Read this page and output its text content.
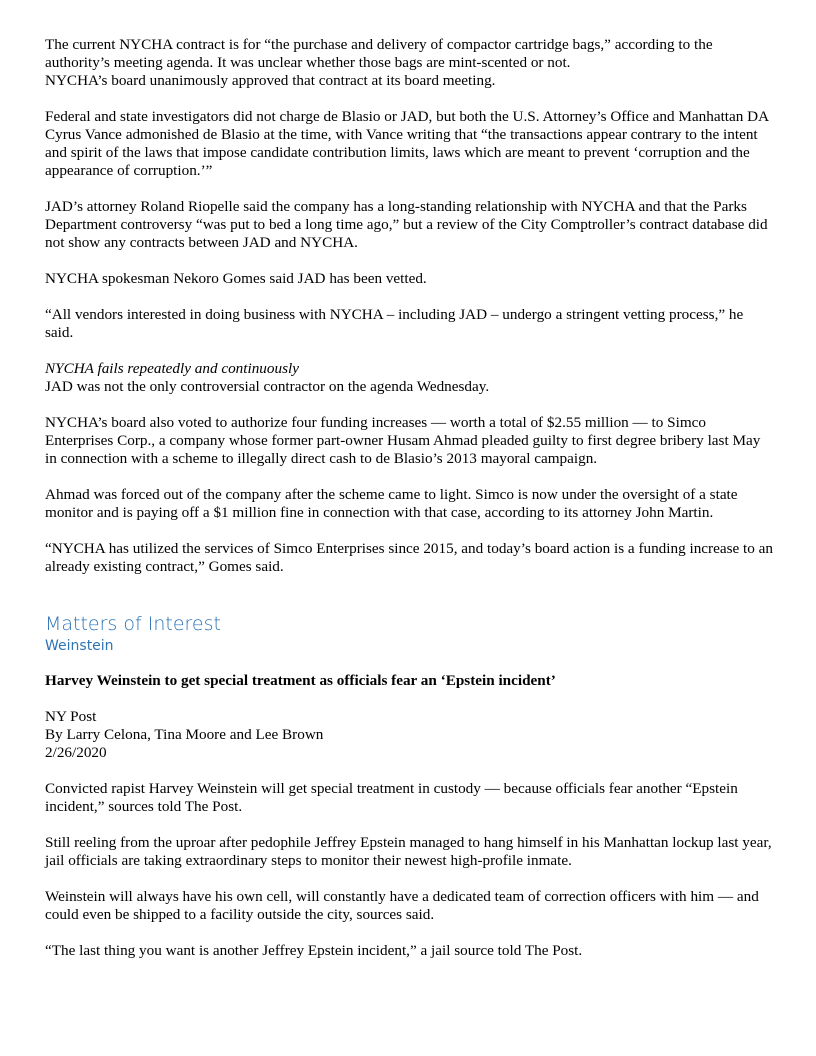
The current NYCHA contract is for “the purchase and delivery of compactor cartridge bags,” according to the authority’s meeting agenda. It was unclear whether those bags are mint-scented or not.
NYCHA’s board unanimously approved that contract at its board meeting.

Federal and state investigators did not charge de Blasio or JAD, but both the U.S. Attorney’s Office and Manhattan DA Cyrus Vance admonished de Blasio at the time, with Vance writing that “the transactions appear contrary to the intent and spirit of the laws that impose candidate contribution limits, laws which are meant to prevent ‘corruption and the appearance of corruption.’”

JAD’s attorney Roland Riopelle said the company has a long-standing relationship with NYCHA and that the Parks Department controversy “was put to bed a long time ago,” but a review of the City Comptroller’s contract database did not show any contracts between JAD and NYCHA.

NYCHA spokesman Nekoro Gomes said JAD has been vetted.

“All vendors interested in doing business with NYCHA – including JAD – undergo a stringent vetting process,” he said.

NYCHA fails repeatedly and continuously
JAD was not the only controversial contractor on the agenda Wednesday.

NYCHA’s board also voted to authorize four funding increases — worth a total of $2.55 million — to Simco Enterprises Corp., a company whose former part-owner Husam Ahmad pleaded guilty to first degree bribery last May in connection with a scheme to illegally direct cash to de Blasio’s 2013 mayoral campaign.

Ahmad was forced out of the company after the scheme came to light. Simco is now under the oversight of a state monitor and is paying off a $1 million fine in connection with that case, according to its attorney John Martin.

“NYCHA has utilized the services of Simco Enterprises since 2015, and today’s board action is a funding increase to an already existing contract,” Gomes said.

Matters of Interest
Weinstein

Harvey Weinstein to get special treatment as officials fear an ‘Epstein incident’

NY Post
By Larry Celona, Tina Moore and Lee Brown
2/26/2020

Convicted rapist Harvey Weinstein will get special treatment in custody — because officials fear another “Epstein incident,” sources told The Post.

Still reeling from the uproar after pedophile Jeffrey Epstein managed to hang himself in his Manhattan lockup last year, jail officials are taking extraordinary steps to monitor their newest high-profile inmate.

Weinstein will always have his own cell, will constantly have a dedicated team of correction officers with him — and could even be shipped to a facility outside the city, sources said.

“The last thing you want is another Jeffrey Epstein incident,” a jail source told The Post.
